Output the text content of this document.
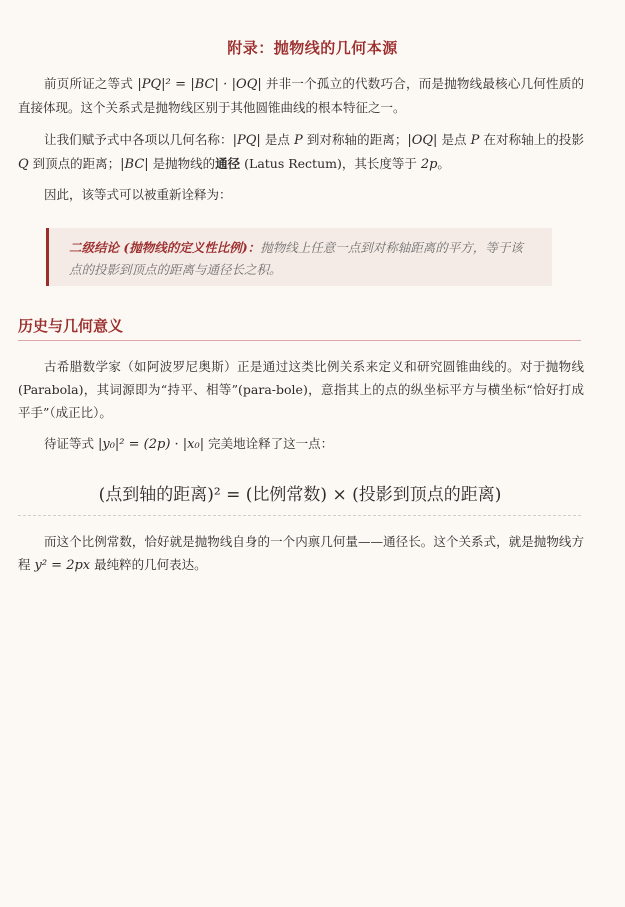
附录：抛物线的几何本源
前页所证之等式 |PQ|² = |BC| · |OQ| 并非一个孤立的代数巧合，而是抛物线最核心几何性质的直接体现。这个关系式是抛物线区别于其他圆锥曲线的根本特征之一。
让我们赋予式中各项以几何名称：|PQ| 是点 P 到对称轴的距离；|OQ| 是点 P 在对称轴上的投影 Q 到顶点的距离；|BC| 是抛物线的通径 (Latus Rectum)，其长度等于 2p。
因此，该等式可以被重新诠释为：
二级结论 (抛物线的定义性比例)：抛物线上任意一点到对称轴距离的平方，等于该点的投影到顶点的距离与通径长之积。
历史与几何意义
古希腊数学家（如阿波罗尼奥斯）正是通过这类比例关系来定义和研究圆锥曲线的。对于抛物线 (Parabola)，其词源即为“持平、相等”(para-bole)，意指其上的点的纵坐标平方与横坐标“恰好打成平手”（成正比）。
待证等式 |y₀|² = (2p) · |x₀| 完美地诠释了这一点：
(点到轴的距离)² = (比例常数) × (投影到顶点的距离)
而这个比例常数，恰好就是抛物线自身的一个内禀几何量——通径长。这个关系式，就是抛物线方程 y² = 2px 最纯粹的几何表达。
